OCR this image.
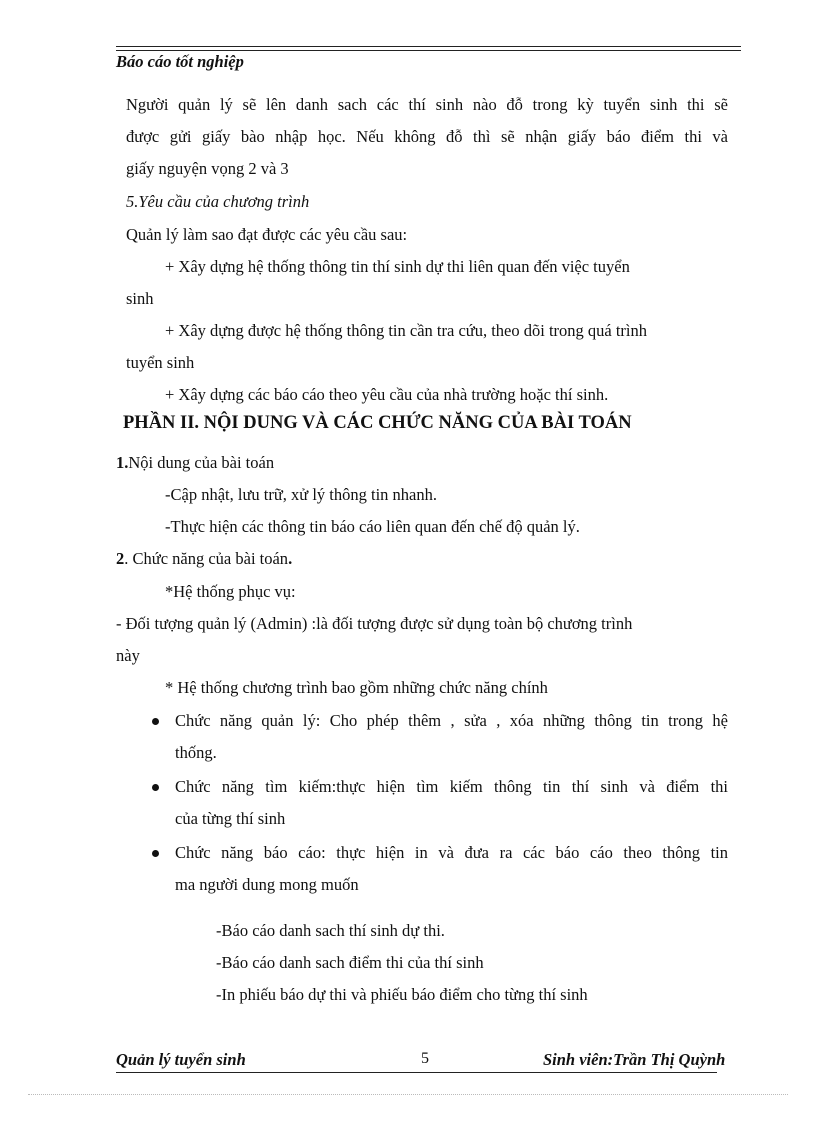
Báo cáo tốt nghiệp
Người quản lý sẽ lên danh sach các thí sinh nào đỗ trong kỳ tuyển sinh thi sẽ
được gửi giấy bào nhập học. Nếu không đỗ thì sẽ nhận giấy báo điểm thi và
giấy nguyện vọng 2 và 3
5.Yêu cầu của chương trình
Quản lý làm sao đạt được các yêu cầu sau:
+ Xây dựng hệ thống thông tin thí sinh dự thi liên quan đến việc tuyển
sinh
+ Xây dựng được hệ thống thông tin cần tra cứu, theo dõi trong quá trình
tuyển sinh
+ Xây dựng các báo cáo theo yêu cầu của nhà trường hoặc thí sinh.
PHẦN II. NỘI DUNG VÀ CÁC CHỨC NĂNG CỦA BÀI TOÁN
1.Nội dung của bài toán
-Cập nhật, lưu trữ, xử lý thông tin nhanh.
-Thực hiện các thông tin báo cáo liên quan đến chế độ quản lý.
2. Chức năng của bài toán.
*Hệ thống phục vụ:
- Đối tượng quản lý (Admin) :là đối tượng được sử dụng toàn bộ chương trình
này
* Hệ thống chương trình bao gồm những chức năng chính
Chức năng quản lý: Cho phép thêm , sửa , xóa những thông tin trong hệ
thống.
Chức năng tìm kiếm:thực hiện tìm kiếm thông tin thí sinh và điểm thi
của từng thí sinh
Chức năng báo cáo: thực hiện in và đưa ra các báo cáo theo thông tin
ma người dung mong muốn
-Báo cáo danh sach thí sinh dự thi.
-Báo cáo danh sach điểm thi của thí sinh
-In phiếu báo dự thi và phiếu báo điểm cho từng thí sinh
Quản lý tuyển sinh	5	Sinh viên:Trần Thị Quỳnh
